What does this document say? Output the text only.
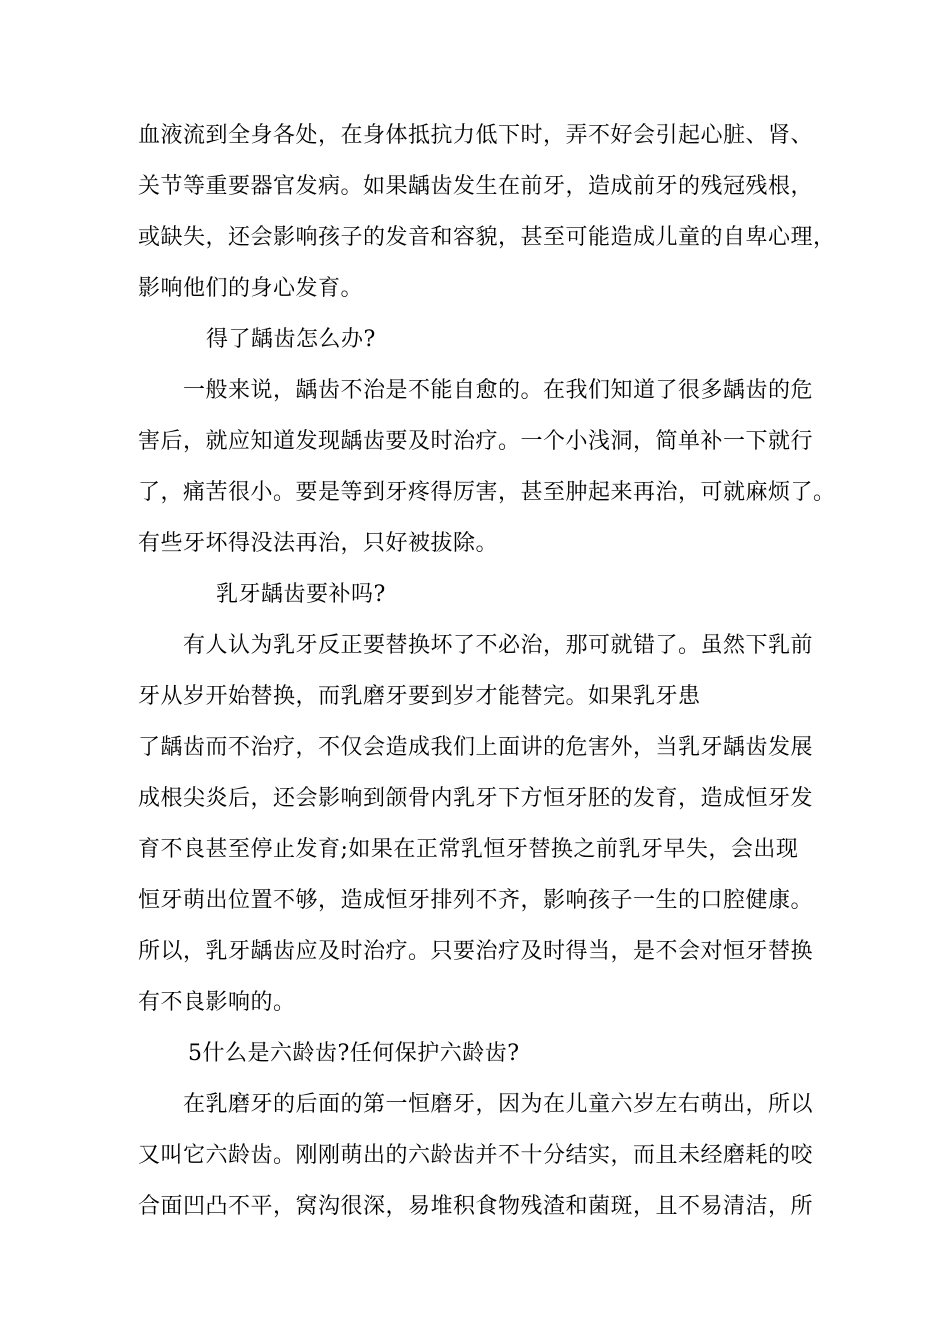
血液流到全身各处，在身体抵抗力低下时，弄不好会引起心脏、肾、
关节等重要器官发病。如果龋齿发生在前牙，造成前牙的残冠残根，
或缺失，还会影响孩子的发音和容貌，甚至可能造成儿童的自卑心理，
影响他们的身心发育。
得了龋齿怎么办?
一般来说，龋齿不治是不能自愈的。在我们知道了很多龋齿的危
害后，就应知道发现龋齿要及时治疗。一个小浅洞，简单补一下就行
了，痛苦很小。要是等到牙疼得厉害，甚至肿起来再治，可就麻烦了。
有些牙坏得没法再治，只好被拔除。
乳牙龋齿要补吗?
有人认为乳牙反正要替换坏了不必治，那可就错了。虽然下乳前
牙从岁开始替换，而乳磨牙要到岁才能替完。如果乳牙患
了龋齿而不治疗，不仅会造成我们上面讲的危害外，当乳牙龋齿发展
成根尖炎后，还会影响到颌骨内乳牙下方恒牙胚的发育，造成恒牙发
育不良甚至停止发育;如果在正常乳恒牙替换之前乳牙早失，会出现
恒牙萌出位置不够，造成恒牙排列不齐，影响孩子一生的口腔健康。
所以，乳牙龋齿应及时治疗。只要治疗及时得当，是不会对恒牙替换
有不良影响的。
5什么是六龄齿?任何保护六龄齿?
在乳磨牙的后面的第一恒磨牙，因为在儿童六岁左右萌出，所以
又叫它六龄齿。刚刚萌出的六龄齿并不十分结实，而且未经磨耗的咬
合面凹凸不平，窝沟很深，易堆积食物残渣和菌斑，且不易清洁，所
